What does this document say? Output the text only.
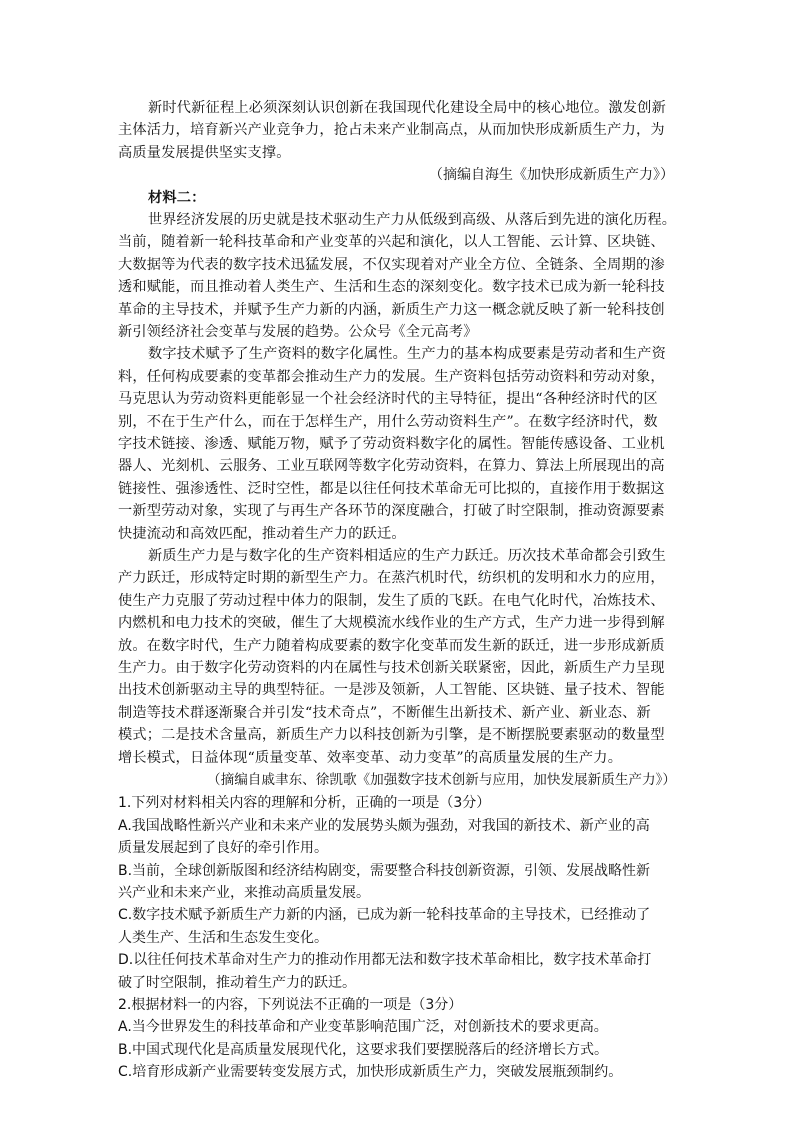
新时代新征程上必须深刻认识创新在我国现代化建设全局中的核心地位。激发创新
主体活力，培育新兴产业竞争力，抢占未来产业制高点，从而加快形成新质生产力，为
高质量发展提供坚实支撑。
（摘编自海生《加快形成新质生产力》）
材料二：
世界经济发展的历史就是技术驱动生产力从低级到高级、从落后到先进的演化历程。
当前，随着新一轮科技革命和产业变革的兴起和演化，以人工智能、云计算、区块链、
大数据等为代表的数字技术迅猛发展，不仅实现着对产业全方位、全链条、全周期的渗
透和赋能，而且推动着人类生产、生活和生态的深刻变化。数字技术已成为新一轮科技
革命的主导技术，并赋予生产力新的内涵，新质生产力这一概念就反映了新一轮科技创
新引领经济社会变革与发展的趋势。公众号《全元高考》
数字技术赋予了生产资料的数字化属性。生产力的基本构成要素是劳动者和生产资
料，任何构成要素的变革都会推动生产力的发展。生产资料包括劳动资料和劳动对象，
马克思认为劳动资料更能彰显一个社会经济时代的主导特征，提出“各种经济时代的区
别，不在于生产什么，而在于怎样生产，用什么劳动资料生产”。在数字经济时代，数
字技术链接、渗透、赋能万物，赋予了劳动资料数字化的属性。智能传感设备、工业机
器人、光刻机、云服务、工业互联网等数字化劳动资料，在算力、算法上所展现出的高
链接性、强渗透性、泛时空性，都是以往任何技术革命无可比拟的，直接作用于数据这
一新型劳动对象，实现了与再生产各环节的深度融合，打破了时空限制，推动资源要素
快捷流动和高效匹配，推动着生产力的跃迁。
新质生产力是与数字化的生产资料相适应的生产力跃迁。历次技术革命都会引致生
产力跃迁，形成特定时期的新型生产力。在蒸汽机时代，纺织机的发明和水力的应用，
使生产力克服了劳动过程中体力的限制，发生了质的飞跃。在电气化时代，冶炼技术、
内燃机和电力技术的突破，催生了大规模流水线作业的生产方式，生产力进一步得到解
放。在数字时代，生产力随着构成要素的数字化变革而发生新的跃迁，进一步形成新质
生产力。由于数字化劳动资料的内在属性与技术创新关联紧密，因此，新质生产力呈现
出技术创新驱动主导的典型特征。一是涉及领新，人工智能、区块链、量子技术、智能
制造等技术群逐渐聚合并引发“技术奇点”，不断催生出新技术、新产业、新业态、新
模式；二是技术含量高，新质生产力以科技创新为引擎，是不断摆脱要素驱动的数量型
增长模式，日益体现“质量变革、效率变革、动力变革”的高质量发展的生产力。
（摘编自戚聿东、徐凯歌《加强数字技术创新与应用，加快发展新质生产力》）
1.下列对材料相关内容的理解和分析，正确的一项是（3分）
A.我国战略性新兴产业和未来产业的发展势头颇为强劲，对我国的新技术、新产业的高
质量发展起到了良好的牵引作用。
B.当前，全球创新版图和经济结构剧变，需要整合科技创新资源，引领、发展战略性新
兴产业和未来产业，来推动高质量发展。
C.数字技术赋予新质生产力新的内涵，已成为新一轮科技革命的主导技术，已经推动了
人类生产、生活和生态发生变化。
D.以往任何技术革命对生产力的推动作用都无法和数字技术革命相比，数字技术革命打
破了时空限制，推动着生产力的跃迁。
2.根据材料一的内容，下列说法不正确的一项是（3分）
A.当今世界发生的科技革命和产业变革影响范围广泛，对创新技术的要求更高。
B.中国式现代化是高质量发展现代化，这要求我们要摆脱落后的经济增长方式。
C.培育形成新产业需要转变发展方式，加快形成新质生产力，突破发展瓶颈制约。
